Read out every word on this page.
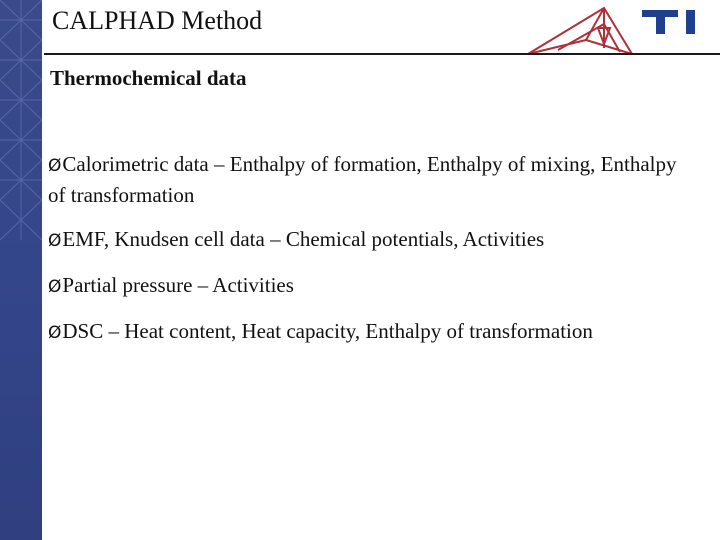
CALPHAD Method
Thermochemical data
ØCalorimetric data – Enthalpy of formation, Enthalpy of mixing, Enthalpy of transformation
ØEMF, Knudsen cell data – Chemical potentials, Activities
ØPartial pressure – Activities
ØDSC – Heat content, Heat capacity, Enthalpy of transformation
